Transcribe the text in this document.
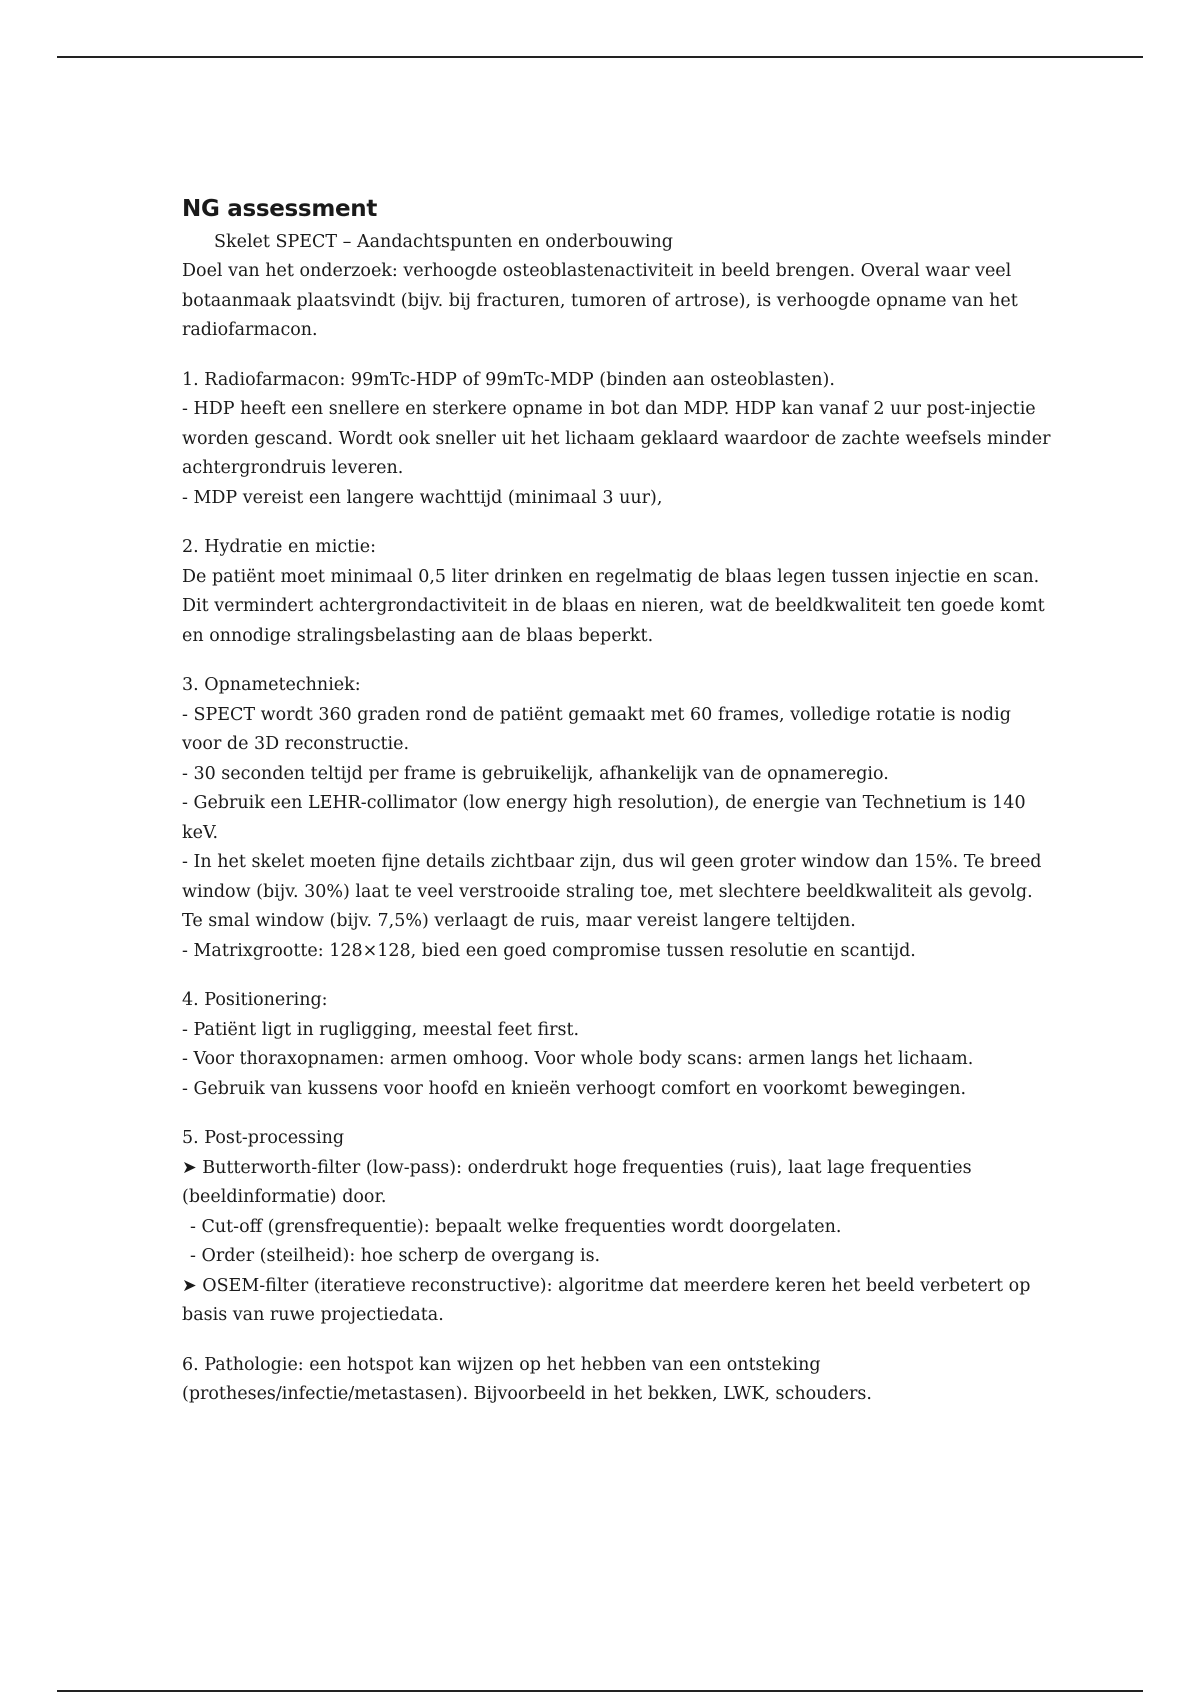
NG assessment

Skelet SPECT – Aandachtspunten en onderbouwing

Doel van het onderzoek: verhoogde osteoblastenactiviteit in beeld brengen. Overal waar veel botaanmaak plaatsvindt (bijv. bij fracturen, tumoren of artrose), is verhoogde opname van het radiofarmacon.

1. Radiofarmacon: 99mTc-HDP of 99mTc-MDP (binden aan osteoblasten).

- HDP heeft een snellere en sterkere opname in bot dan MDP. HDP kan vanaf 2 uur post-injectie worden gescand. Wordt ook sneller uit het lichaam geklaard waardoor de zachte weefsels minder achtergrondruis leveren.

- MDP vereist een langere wachttijd (minimaal 3 uur),

2. Hydratie en mictie:

De patiënt moet minimaal 0,5 liter drinken en regelmatig de blaas legen tussen injectie en scan. Dit vermindert achtergrondactiviteit in de blaas en nieren, wat de beeldkwaliteit ten goede komt en onnodige stralingsbelasting aan de blaas beperkt.

3. Opnametechniek:

- SPECT wordt 360 graden rond de patiënt gemaakt met 60 frames, volledige rotatie is nodig voor de 3D reconstructie.

- 30 seconden teltijd per frame is gebruikelijk, afhankelijk van de opnameregio.

- Gebruik een LEHR-collimator (low energy high resolution), de energie van Technetium is 140 keV.

- In het skelet moeten fijne details zichtbaar zijn, dus wil geen groter window dan 15%. Te breed window (bijv. 30%) laat te veel verstrooide straling toe, met slechtere beeldkwaliteit als gevolg. Te smal window (bijv. 7,5%) verlaagt de ruis, maar vereist langere teltijden.

- Matrixgrootte: 128×128, bied een goed compromise tussen resolutie en scantijd.

4. Positionering:

- Patiënt ligt in rugligging, meestal feet first.

- Voor thoraxopnamen: armen omhoog. Voor whole body scans: armen langs het lichaam.

- Gebruik van kussens voor hoofd en knieën verhoogt comfort en voorkomt bewegingen.

5. Post-processing

➤ Butterworth-filter (low-pass): onderdrukt hoge frequenties (ruis), laat lage frequenties (beeldinformatie) door.

- Cut-off (grensfrequentie): bepaalt welke frequenties wordt doorgelaten.

- Order (steilheid): hoe scherp de overgang is.

➤ OSEM-filter (iteratieve reconstructive): algoritme dat meerdere keren het beeld verbetert op basis van ruwe projectiedata.

6. Pathologie: een hotspot kan wijzen op het hebben van een ontsteking (protheses/infectie/metastasen). Bijvoorbeeld in het bekken, LWK, schouders.
